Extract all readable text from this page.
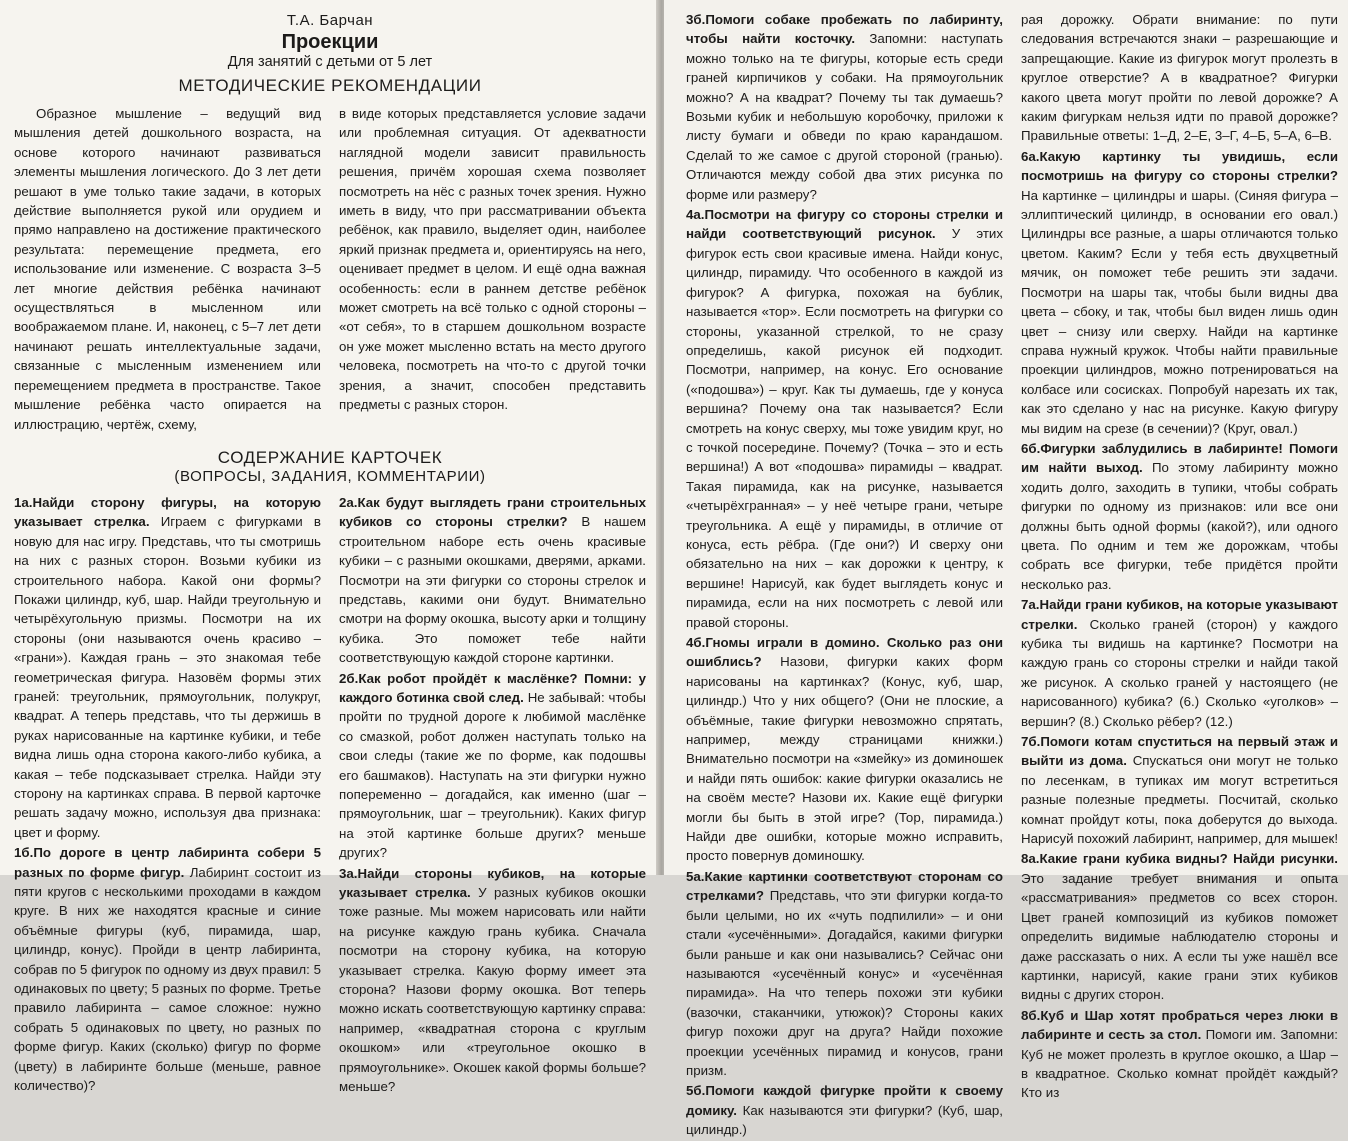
Т.А. Барчан
Проекции
Для занятий с детьми от 5 лет
МЕТОДИЧЕСКИЕ РЕКОМЕНДАЦИИ

Образное мышление – ведущий вид мышления детей дошкольного возраста, на основе которого начинают развиваться элементы мышления логического. До 3 лет дети решают в уме только такие задачи, в которых действие выполняется рукой или орудием и прямо направлено на достижение практического результата: перемещение предмета, его использование или изменение. С возраста 3–5 лет многие действия ребёнка начинают осуществляться в мысленном или воображаемом плане. И, наконец, с 5–7 лет дети начинают решать интеллектуальные задачи, связанные с мысленным изменением или перемещением предмета в пространстве. Такое мышление ребёнка часто опирается на иллюстрацию, чертёж, схему,

в виде которых представляется условие задачи или проблемная ситуация. От адекватности наглядной модели зависит правильность решения, причём хорошая схема позволяет посмотреть на нёс с разных точек зрения. Нужно иметь в виду, что при рассматривании объекта ребёнок, как правило, выделяет один, наиболее яркий признак предмета и, ориентируясь на него, оценивает предмет в целом. И ещё одна важная особенность: если в раннем детстве ребёнок может смотреть на всё только с одной стороны – «от себя», то в старшем дошкольном возрасте он уже может мысленно встать на место другого человека, посмотреть на что-то с другой точки зрения, а значит, способен представить предметы с разных сторон.

СОДЕРЖАНИЕ КАРТОЧЕК
(ВОПРОСЫ, ЗАДАНИЯ, КОММЕНТАРИИ)

1а.Найди сторону фигуры, на которую указывает стрелка. Играем с фигурками в новую для нас игру. Представь, что ты смотришь на них с разных сторон. Возьми кубики из строительного набора. Какой они формы? Покажи цилиндр, куб, шар. Найди треугольную и четырёхугольную призмы. Посмотри на их стороны (они называются очень красиво – «грани»). Каждая грань – это знакомая тебе геометрическая фигура. Назовём формы этих граней: треугольник, прямоугольник, полукруг, квадрат. А теперь представь, что ты держишь в руках нарисованные на картинке кубики, и тебе видна лишь одна сторона какого-либо кубика, а какая – тебе подсказывает стрелка. Найди эту сторону на картинках справа. В первой карточке решать задачу можно, используя два признака: цвет и форму.

1б.По дороге в центр лабиринта собери 5 разных по форме фигур. Лабиринт состоит из пяти кругов с несколькими проходами в каждом круге. В них же находятся красные и синие объёмные фигуры (куб, пирамида, шар, цилиндр, конус). Пройди в центр лабиринта, собрав по 5 фигурок по одному из двух правил: 5 одинаковых по цвету; 5 разных по форме. Третье правило лабиринта – самое сложное: нужно собрать 5 одинаковых по цвету, но разных по форме фигур. Каких (сколько) фигур по форме (цвету) в лабиринте больше (меньше, равное количество)?

2а.Как будут выглядеть грани строительных кубиков со стороны стрелки? В нашем строительном наборе есть очень красивые кубики – с разными окошками, дверями, арками. Посмотри на эти фигурки со стороны стрелок и представь, какими они будут. Внимательно смотри на форму окошка, высоту арки и толщину кубика. Это поможет тебе найти соответствующую каждой стороне картинки.

2б.Как робот пройдёт к маслёнке? Помни: у каждого ботинка свой след. Не забывай: чтобы пройти по трудной дороге к любимой маслёнке со смазкой, робот должен наступать только на свои следы (такие же по форме, как подошвы его башмаков). Наступать на эти фигурки нужно попеременно – догадайся, как именно (шаг – прямоугольник, шаг – треугольник). Каких фигур на этой картинке больше других? меньше других?

3а.Найди стороны кубиков, на которые указывает стрелка. У разных кубиков окошки тоже разные. Мы можем нарисовать или найти на рисунке каждую грань кубика. Сначала посмотри на сторону кубика, на которую указывает стрелка. Какую форму имеет эта сторона? Назови форму окошка. Вот теперь можно искать соответствующую картинку справа: например, «квадратная сторона с круглым окошком» или «треугольное окошко в прямоугольнике». Окошек какой формы больше? меньше?

3б.Помоги собаке пробежать по лабиринту, чтобы найти косточку. Запомни: наступать можно только на те фигуры, которые есть среди граней кирпичиков у собаки. На прямоугольник можно? А на квадрат? Почему ты так думаешь? Возьми кубик и небольшую коробочку, приложи к листу бумаги и обведи по краю карандашом. Сделай то же самое с другой стороной (гранью). Отличаются между собой два этих рисунка по форме или размеру?

4а.Посмотри на фигуру со стороны стрелки и найди соответствующий рисунок. У этих фигурок есть свои красивые имена. Найди конус, цилиндр, пирамиду. Что особенного в каждой из фигурок? А фигурка, похожая на бублик, называется «тор». Если посмотреть на фигурки со стороны, указанной стрелкой, то не сразу определишь, какой рисунок ей подходит. Посмотри, например, на конус. Его основание («подошва») – круг. Как ты думаешь, где у конуса вершина? Почему она так называется? Если смотреть на конус сверху, мы тоже увидим круг, но с точкой посередине. Почему? (Точка – это и есть вершина!) А вот «подошва» пирамиды – квадрат. Такая пирамида, как на рисунке, называется «четырёхгранная» – у неё четыре грани, четыре треугольника. А ещё у пирамиды, в отличие от конуса, есть рёбра. (Где они?) И сверху они обязательно на них – как дорожки к центру, к вершине! Нарисуй, как будет выглядеть конус и пирамида, если на них посмотреть с левой или правой стороны.

4б.Гномы играли в домино. Сколько раз они ошиблись? Назови, фигурки каких форм нарисованы на картинках? (Конус, куб, шар, цилиндр.) Что у них общего? (Они не плоские, а объёмные, такие фигурки невозможно спрятать, например, между страницами книжки.) Внимательно посмотри на «змейку» из доминошек и найди пять ошибок: какие фигурки оказались не на своём месте? Назови их. Какие ещё фигурки могли бы быть в этой игре? (Тор, пирамида.) Найди две ошибки, которые можно исправить, просто повернув доминошку.

5а.Какие картинки соответствуют сторонам со стрелками? Представь, что эти фигурки когда-то были целыми, но их «чуть подпилили» – и они стали «усечёнными». Догадайся, какими фигурки были раньше и как они назывались? Сейчас они называются «усечённый конус» и «усечённая пирамида». На что теперь похожи эти кубики (вазочки, стаканчики, утюжок)? Стороны каких фигур похожи друг на друга? Найди похожие проекции усечённых пирамид и конусов, грани призм.

5б.Помоги каждой фигурке пройти к своему домику. Как называются эти фигурки? (Куб, шар, цилиндр.)

рая дорожку. Обрати внимание: по пути следования встречаются знаки – разрешающие и запрещающие. Какие из фигурок могут пролезть в круглое отверстие? А в квадратное? Фигурки какого цвета могут пройти по левой дорожке? А каким фигуркам нельзя идти по правой дорожке? Правильные ответы: 1–Д, 2–Е, 3–Г, 4–Б, 5–А, 6–В.

6а.Какую картинку ты увидишь, если посмотришь на фигуру со стороны стрелки? На картинке – цилиндры и шары. (Синяя фигура – эллиптический цилиндр, в основании его овал.) Цилиндры все разные, а шары отличаются только цветом. Каким? Если у тебя есть двухцветный мячик, он поможет тебе решить эти задачи. Посмотри на шары так, чтобы были видны два цвета – сбоку, и так, чтобы был виден лишь один цвет – снизу или сверху. Найди на картинке справа нужный кружок. Чтобы найти правильные проекции цилиндров, можно потренироваться на колбасе или сосисках. Попробуй нарезать их так, как это сделано у нас на рисунке. Какую фигуру мы видим на срезе (в сечении)? (Круг, овал.)

6б.Фигурки заблудились в лабиринте! Помоги им найти выход. По этому лабиринту можно ходить долго, заходить в тупики, чтобы собрать фигурки по одному из признаков: или все они должны быть одной формы (какой?), или одного цвета. По одним и тем же дорожкам, чтобы собрать все фигурки, тебе придётся пройти несколько раз.

7а.Найди грани кубиков, на которые указывают стрелки. Сколько граней (сторон) у каждого кубика ты видишь на картинке? Посмотри на каждую грань со стороны стрелки и найди такой же рисунок. А сколько граней у настоящего (не нарисованного) кубика? (6.) Сколько «уголков» – вершин? (8.) Сколько рёбер? (12.)

7б.Помоги котам спуститься на первый этаж и выйти из дома. Спускаться они могут не только по лесенкам, в тупиках им могут встретиться разные полезные предметы. Посчитай, сколько комнат пройдут коты, пока доберутся до выхода. Нарисуй похожий лабиринт, например, для мышек!

8а.Какие грани кубика видны? Найди рисунки. Это задание требует внимания и опыта «рассматривания» предметов со всех сторон. Цвет граней композиций из кубиков поможет определить видимые наблюдателю стороны и даже рассказать о них. А если ты уже нашёл все картинки, нарисуй, какие грани этих кубиков видны с других сторон.

8б.Куб и Шар хотят пробраться через люки в лабиринте и сесть за стол. Помоги им. Запомни: Куб не может пролезть в круглое окошко, а Шар – в квадратное. Сколько комнат пройдёт каждый? Кто из
